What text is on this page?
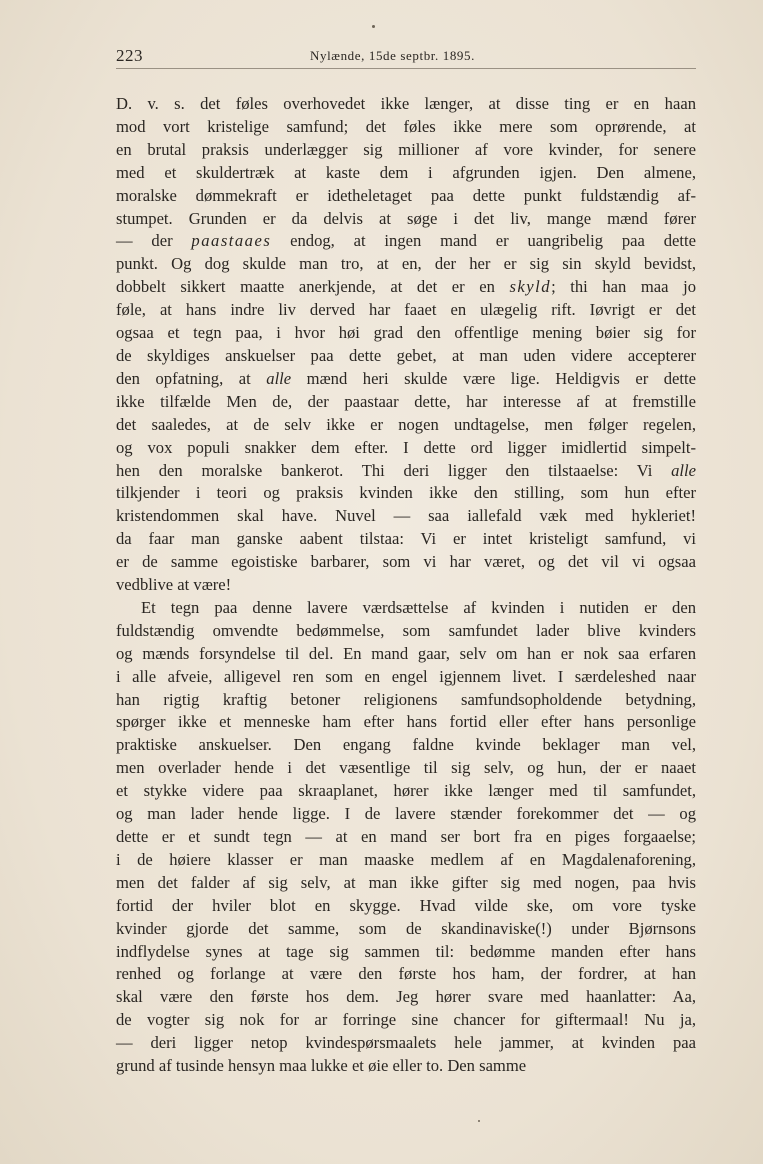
223	Nylænde, 15de septbr. 1895.

D. v. s. det føles overhovedet ikke længer, at disse ting er en haan

mod vort kristelige samfund; det føles ikke mere som oprørende, at

en brutal praksis underlægger sig millioner af vore kvinder, for senere

med et skuldertræk at kaste dem i afgrunden igjen. Den almene,

moralske dømmekraft er idetheletaget paa dette punkt fuldstændig af-

stumpet. Grunden er da delvis at søge i det liv, mange mænd fører

— der paastaaes endog, at ingen mand er uangribelig paa dette

punkt. Og dog skulde man tro, at en, der her er sig sin skyld bevidst,

dobbelt sikkert maatte anerkjende, at det er en skyld; thi han maa jo

føle, at hans indre liv derved har faaet en ulægelig rift. Iøvrigt er det

ogsaa et tegn paa, i hvor høi grad den offentlige mening bøier sig for

de skyldiges anskuelser paa dette gebet, at man uden videre accepterer

den opfatning, at alle mænd heri skulde være lige. Heldigvis er dette

ikke tilfælde Men de, der paastaar dette, har interesse af at fremstille

det saaledes, at de selv ikke er nogen undtagelse, men følger regelen,

og vox populi snakker dem efter. I dette ord ligger imidlertid simpelt-

hen den moralske bankerot. Thi deri ligger den tilstaaelse: Vi alle

tilkjender i teori og praksis kvinden ikke den stilling, som hun efter

kristendommen skal have. Nuvel — saa iallefald væk med hykleriet!

da faar man ganske aabent tilstaa: Vi er intet kristeligt samfund, vi

er de samme egoistiske barbarer, som vi har været, og det vil vi ogsaa

vedblive at være!

Et tegn paa denne lavere værdsættelse af kvinden i nutiden er den

fuldstændig omvendte bedømmelse, som samfundet lader blive kvinders

og mænds forsyndelse til del. En mand gaar, selv om han er nok saa erfaren

i alle afveie, alligevel ren som en engel igjennem livet. I særdeleshed naar

han rigtig kraftig betoner religionens samfundsopholdende betydning,

spørger ikke et menneske ham efter hans fortid eller efter hans personlige

praktiske anskuelser. Den engang faldne kvinde beklager man vel,

men overlader hende i det væsentlige til sig selv, og hun, der er naaet

et stykke videre paa skraaplanet, hører ikke længer med til samfundet,

og man lader hende ligge. I de lavere stænder forekommer det — og

dette er et sundt tegn — at en mand ser bort fra en piges forgaaelse;

i de høiere klasser er man maaske medlem af en Magdalenaforening,

men det falder af sig selv, at man ikke gifter sig med nogen, paa hvis

fortid der hviler blot en skygge. Hvad vilde ske, om vore tyske

kvinder gjorde det samme, som de skandinaviske(!) under Bjørnsons

indflydelse synes at tage sig sammen til: bedømme manden efter hans

renhed og forlange at være den første hos ham, der fordrer, at han

skal være den første hos dem. Jeg hører svare med haanlatter: Aa,

de vogter sig nok for ar forringe sine chancer for giftermaal! Nu ja,

— deri ligger netop kvindespørsmaalets hele jammer, at kvinden paa

grund af tusinde hensyn maa lukke et øie eller to. Den samme
